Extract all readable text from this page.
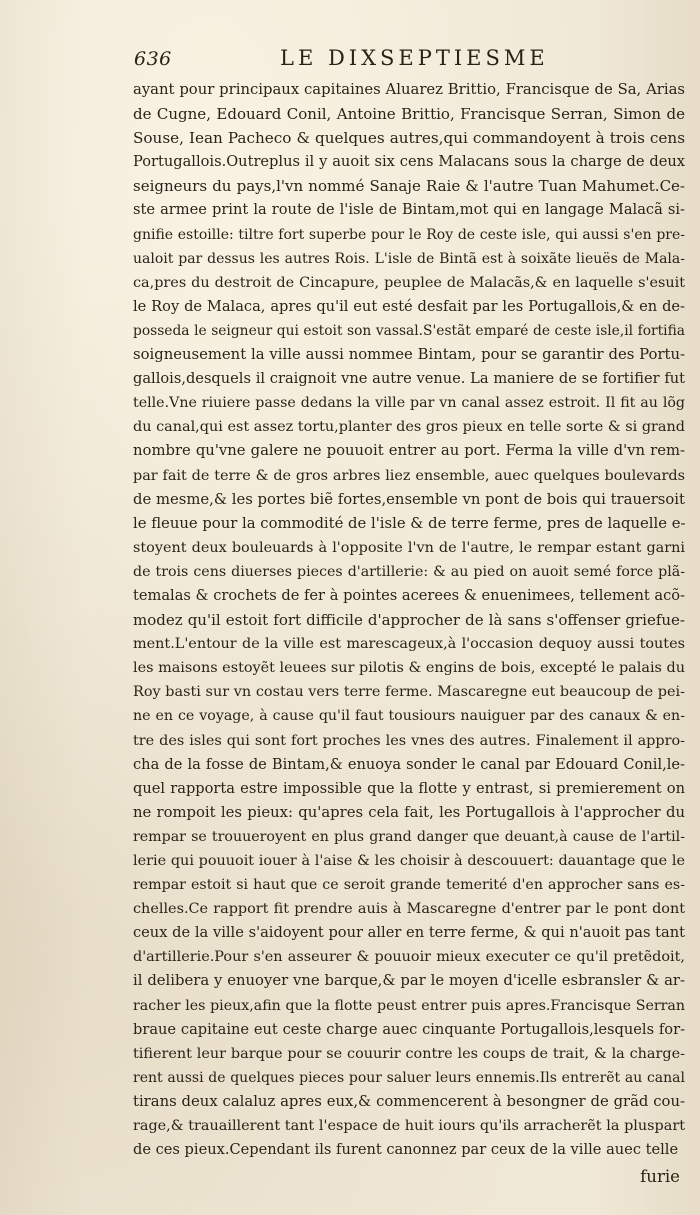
636	LE DIXSEPTIESME
ayant pour principaux capitaines Aluarez Brittio, Francisque de Sa, Arias
de Cugne, Edouard Conil, Antoine Brittio, Francisque Serran, Simon de
Souse, Iean Pacheco & quelques autres,qui commandoyent à trois cens
Portugallois.Outreplus il y auoit six cens Malacans sous la charge de deux
seigneurs du pays,l'vn nommé Sanaje Raie & l'autre Tuan Mahumet.Ce-
ste armee print la route de l'isle de Bintam,mot qui en langage Malacã si-
gnifie estoille: tiltre fort superbe pour le Roy de ceste isle, qui aussi s'en pre-
ualoit par dessus les autres Rois. L'isle de Bintã est à soixãte lieuës de Mala-
ca,pres du destroit de Cincapure, peuplee de Malacãs,& en laquelle s'esuit
le Roy de Malaca, apres qu'il eut esté desfait par les Portugallois,& en de-
possedа le seigneur qui estoit son vassal.S'estãt emparé de ceste isle,il fortifia
soigneusement la ville aussi nommee Bintam, pour se garantir des Portu-
gallois,desquels il craignoit vne autre venue. La maniere de se fortifier fut
telle.Vne riuiere passe dedans la ville par vn canal assez estroit. Il fit au lõg
du canal,qui est assez tortu,planter des gros pieux en telle sorte & si grand
nombre qu'vne galere ne pouuoit entrer au port. Ferma la ville d'vn rem-
par fait de terre & de gros arbres liez ensemble, auec quelques boulevards
de mesme,& les portes biẽ fortes,ensemble vn pont de bois qui trauersoit
le fleuue pour la commodité de l'isle & de terre ferme, pres de laquelle e-
stoyent deux bouleuards à l'opposite l'vn de l'autre, le rempar estant garni
de trois cens diuerses pieces d'artillerie: & au pied on auoit semé force plã-
temalas & crochets de fer à pointes acerees & enuenimees, tellement acõ-
modez qu'il estoit fort difficile d'approcher de là sans s'offenser griefue-
ment.L'entour de la ville est marescageux,à l'occasion dequoy aussi toutes
les maisons estoyẽt leuees sur pilotis & engins de bois, excepté le palais du
Roy basti sur vn costau vers terre ferme. Mascaregne eut beaucoup de pei-
ne en ce voyage, à cause qu'il faut tousiours nauiguer par des canaux & en-
tre des isles qui sont fort proches les vnes des autres. Finalement il appro-
cha de la fosse de Bintam,& enuoya sonder le canal par Edouard Conil,le-
quel rapporta estre impossible que la flotte y entrast, si premierement on
ne rompoit les pieux: qu'apres cela fait, les Portugallois à l'approcher du
rempar se trouueroyent en plus grand danger que deuant,à cause de l'artil-
lerie qui pouuoit iouer à l'aise & les choisir à descouuert: dauantage que le
rempar estoit si haut que ce seroit grande temerité d'en approcher sans es-
chelles.Ce rapport fit prendre auis à Mascaregne d'entrer par le pont dont
ceux de la ville s'aidoyent pour aller en terre ferme, & qui n'auoit pas tant
d'artillerie.Pour s'en asseurer & pouuoir mieux executer ce qu'il pretẽdoit,
il delibera y enuoyer vne barque,& par le moyen d'icelle esbransler & ar-
racher les pieux,afin que la flotte peust entrer puis apres.Francisque Serran
braue capitaine eut ceste charge auec cinquante Portugallois,lesquels for-
tifierent leur barque pour se couurir contre les coups de trait, & la charge-
rent aussi de quelques pieces pour saluer leurs ennemis.Ils entrerẽt au canal
tirans deux calaluz apres eux,& commencerent à besongner de grãd cou-
rage,& trauaillerent tant l'espace de huit iours qu'ils arracherẽt la pluspart
de ces pieux.Cependant ils furent canonnez par ceux de la ville auec telle
furie
